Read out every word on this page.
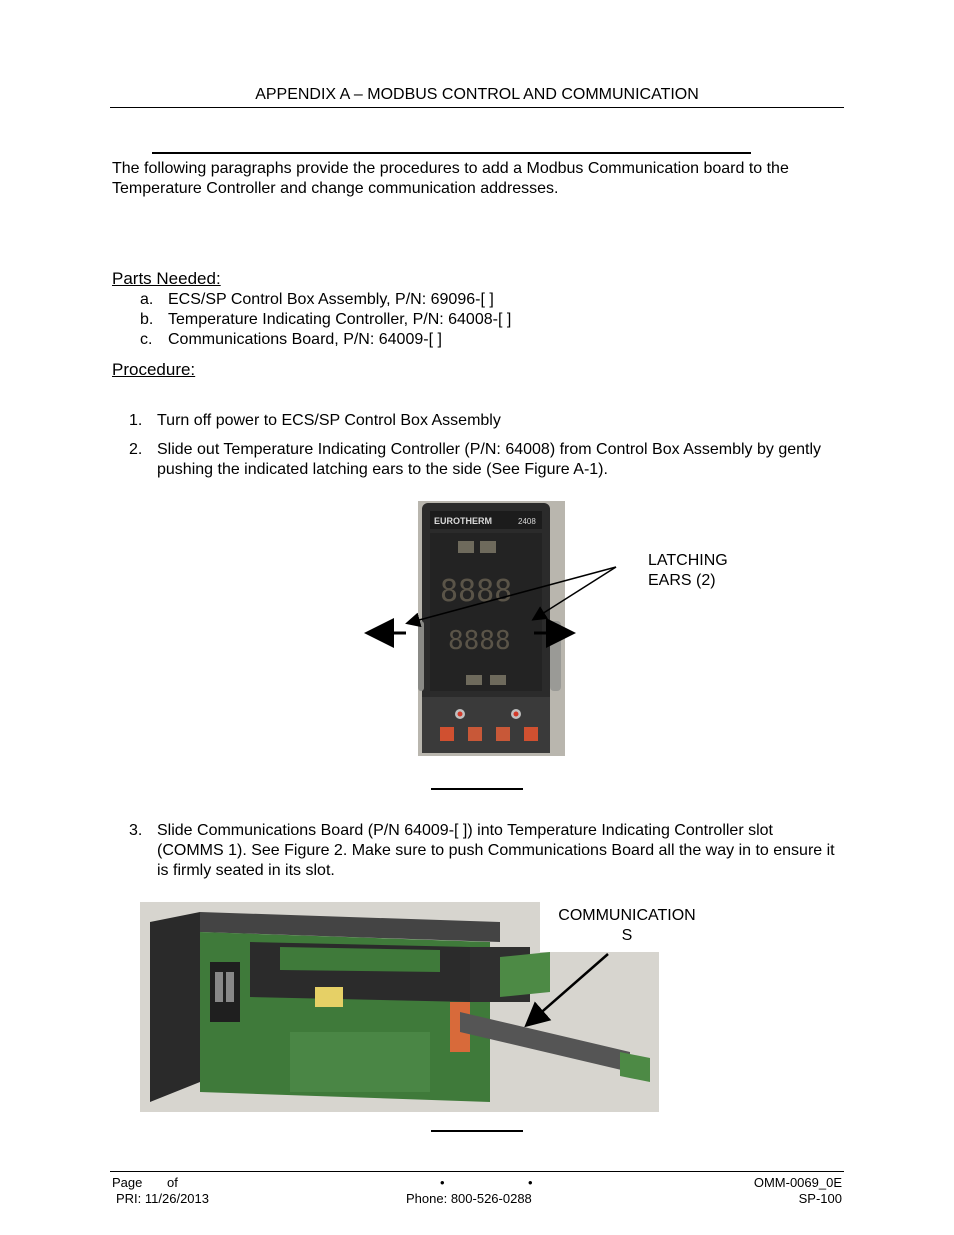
APPENDIX A – MODBUS CONTROL AND COMMUNICATION
The following paragraphs provide the procedures to add a Modbus Communication board to the Temperature Controller and change communication addresses.
Parts Needed:
a. ECS/SP Control Box Assembly, P/N: 69096-[ ]
b. Temperature Indicating Controller, P/N: 64008-[ ]
c. Communications Board, P/N: 64009-[ ]
Procedure:
1. Turn off power to ECS/SP Control Box Assembly
2. Slide out Temperature Indicating Controller (P/N: 64008) from Control Box Assembly by gently pushing the indicated latching ears to the side (See Figure A-1).
EUROTHERM	2408
8888
8888
LATCHING
EARS (2)
3. Slide Communications Board (P/N 64009-[ ]) into Temperature Indicating Controller slot (COMMS 1). See Figure 2. Make sure to push Communications Board all the way in to ensure it is firmly seated in its slot.
COMMUNICATION
S
Page of
PRI: 11/26/2013
•	•
Phone: 800-526-0288
OMM-0069_0E
SP-100
